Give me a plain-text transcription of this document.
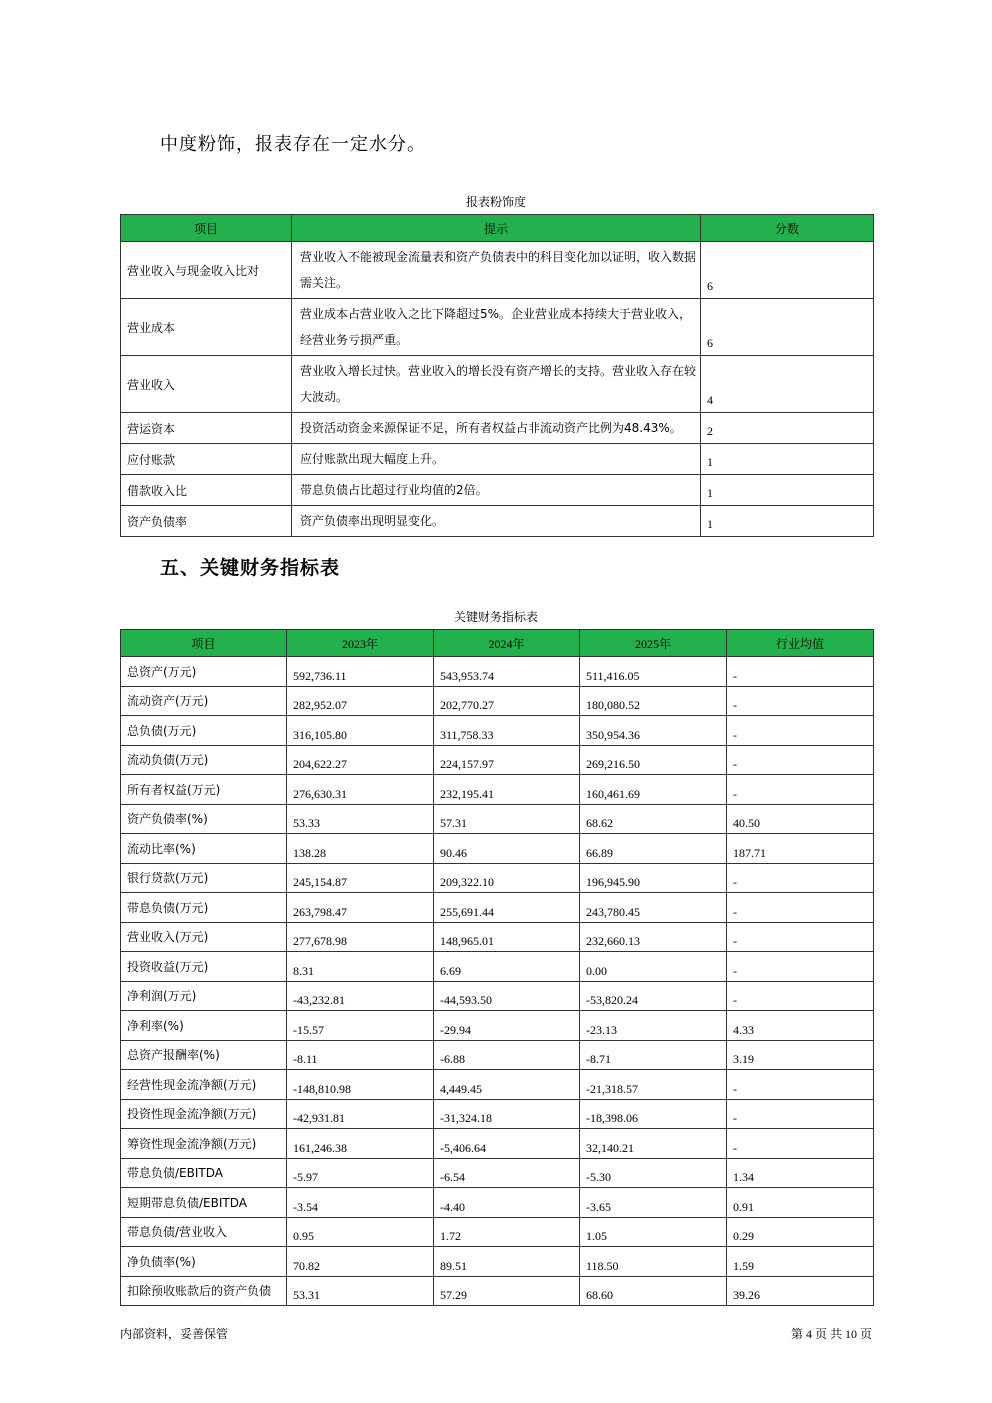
中度粉饰，报表存在一定水分。
报表粉饰度
项目	提示	分数
营业收入与现金收入比对	营业收入不能被现金流量表和资产负债表中的科目变化加以证明，收入数据需关注。	6
营业成本	营业成本占营业收入之比下降超过5%。企业营业成本持续大于营业收入，经营业务亏损严重。	6
营业收入	营业收入增长过快。营业收入的增长没有资产增长的支持。营业收入存在较大波动。	4
营运资本	投资活动资金来源保证不足，所有者权益占非流动资产比例为48.43%。	2
应付账款	应付账款出现大幅度上升。	1
借款收入比	带息负债占比超过行业均值的2倍。	1
资产负债率	资产负债率出现明显变化。	1
五、关键财务指标表
关键财务指标表
项目	2023年	2024年	2025年	行业均值
总资产(万元)	592,736.11	543,953.74	511,416.05	-
流动资产(万元)	282,952.07	202,770.27	180,080.52	-
总负债(万元)	316,105.80	311,758.33	350,954.36	-
流动负债(万元)	204,622.27	224,157.97	269,216.50	-
所有者权益(万元)	276,630.31	232,195.41	160,461.69	-
资产负债率(%)	53.33	57.31	68.62	40.50
流动比率(%)	138.28	90.46	66.89	187.71
银行贷款(万元)	245,154.87	209,322.10	196,945.90	-
带息负债(万元)	263,798.47	255,691.44	243,780.45	-
营业收入(万元)	277,678.98	148,965.01	232,660.13	-
投资收益(万元)	8.31	6.69	0.00	-
净利润(万元)	-43,232.81	-44,593.50	-53,820.24	-
净利率(%)	-15.57	-29.94	-23.13	4.33
总资产报酬率(%)	-8.11	-6.88	-8.71	3.19
经营性现金流净额(万元)	-148,810.98	4,449.45	-21,318.57	-
投资性现金流净额(万元)	-42,931.81	-31,324.18	-18,398.06	-
筹资性现金流净额(万元)	161,246.38	-5,406.64	32,140.21	-
带息负债/EBITDA	-5.97	-6.54	-5.30	1.34
短期带息负债/EBITDA	-3.54	-4.40	-3.65	0.91
带息负债/营业收入	0.95	1.72	1.05	0.29
净负债率(%)	70.82	89.51	118.50	1.59
扣除预收账款后的资产负债	53.31	57.29	68.60	39.26
内部资料，妥善保管	第 4 页 共 10 页
